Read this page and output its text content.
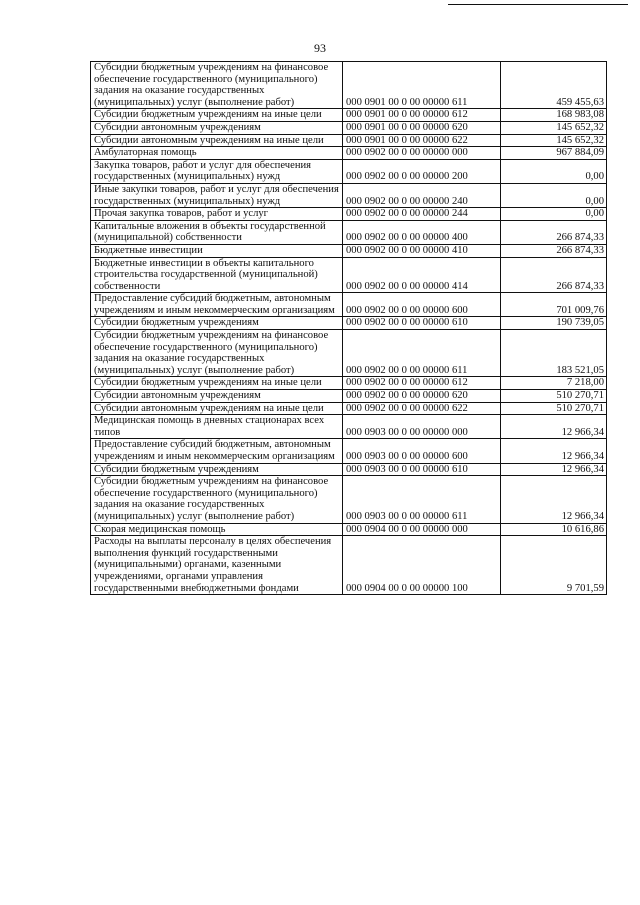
93
Субсидии бюджетным учреждениям на финансовое обеспечение государственного (муниципального) задания на оказание государственных (муниципальных) услуг (выполнение работ)	000 0901 00 0 00 00000 611	459 455,63
Субсидии бюджетным учреждениям на иные цели	000 0901 00 0 00 00000 612	168 983,08
Субсидии автономным учреждениям	000 0901 00 0 00 00000 620	145 652,32
Субсидии автономным учреждениям на иные цели	000 0901 00 0 00 00000 622	145 652,32
Амбулаторная помощь	000 0902 00 0 00 00000 000	967 884,09
Закупка товаров, работ и услуг для обеспечения государственных (муниципальных) нужд	000 0902 00 0 00 00000 200	0,00
Иные закупки товаров, работ и услуг для обеспечения государственных (муниципальных) нужд	000 0902 00 0 00 00000 240	0,00
Прочая закупка товаров, работ и услуг	000 0902 00 0 00 00000 244	0,00
Капитальные вложения в объекты государственной (муниципальной) собственности	000 0902 00 0 00 00000 400	266 874,33
Бюджетные инвестиции	000 0902 00 0 00 00000 410	266 874,33
Бюджетные инвестиции в объекты капитального строительства государственной (муниципальной) собственности	000 0902 00 0 00 00000 414	266 874,33
Предоставление субсидий бюджетным, автономным учреждениям и иным некоммерческим организациям	000 0902 00 0 00 00000 600	701 009,76
Субсидии бюджетным учреждениям	000 0902 00 0 00 00000 610	190 739,05
Субсидии бюджетным учреждениям на финансовое обеспечение государственного (муниципального) задания на оказание государственных (муниципальных) услуг (выполнение работ)	000 0902 00 0 00 00000 611	183 521,05
Субсидии бюджетным учреждениям на иные цели	000 0902 00 0 00 00000 612	7 218,00
Субсидии автономным учреждениям	000 0902 00 0 00 00000 620	510 270,71
Субсидии автономным учреждениям на иные цели	000 0902 00 0 00 00000 622	510 270,71
Медицинская помощь в дневных стационарах всех типов	000 0903 00 0 00 00000 000	12 966,34
Предоставление субсидий бюджетным, автономным учреждениям и иным некоммерческим организациям	000 0903 00 0 00 00000 600	12 966,34
Субсидии бюджетным учреждениям	000 0903 00 0 00 00000 610	12 966,34
Субсидии бюджетным учреждениям на финансовое обеспечение государственного (муниципального) задания на оказание государственных (муниципальных) услуг (выполнение работ)	000 0903 00 0 00 00000 611	12 966,34
Скорая медицинская помощь	000 0904 00 0 00 00000 000	10 616,86
Расходы на выплаты персоналу в целях обеспечения выполнения функций государственными (муниципальными) органами, казенными учреждениями, органами управления государственными внебюджетными фондами	000 0904 00 0 00 00000 100	9 701,59
